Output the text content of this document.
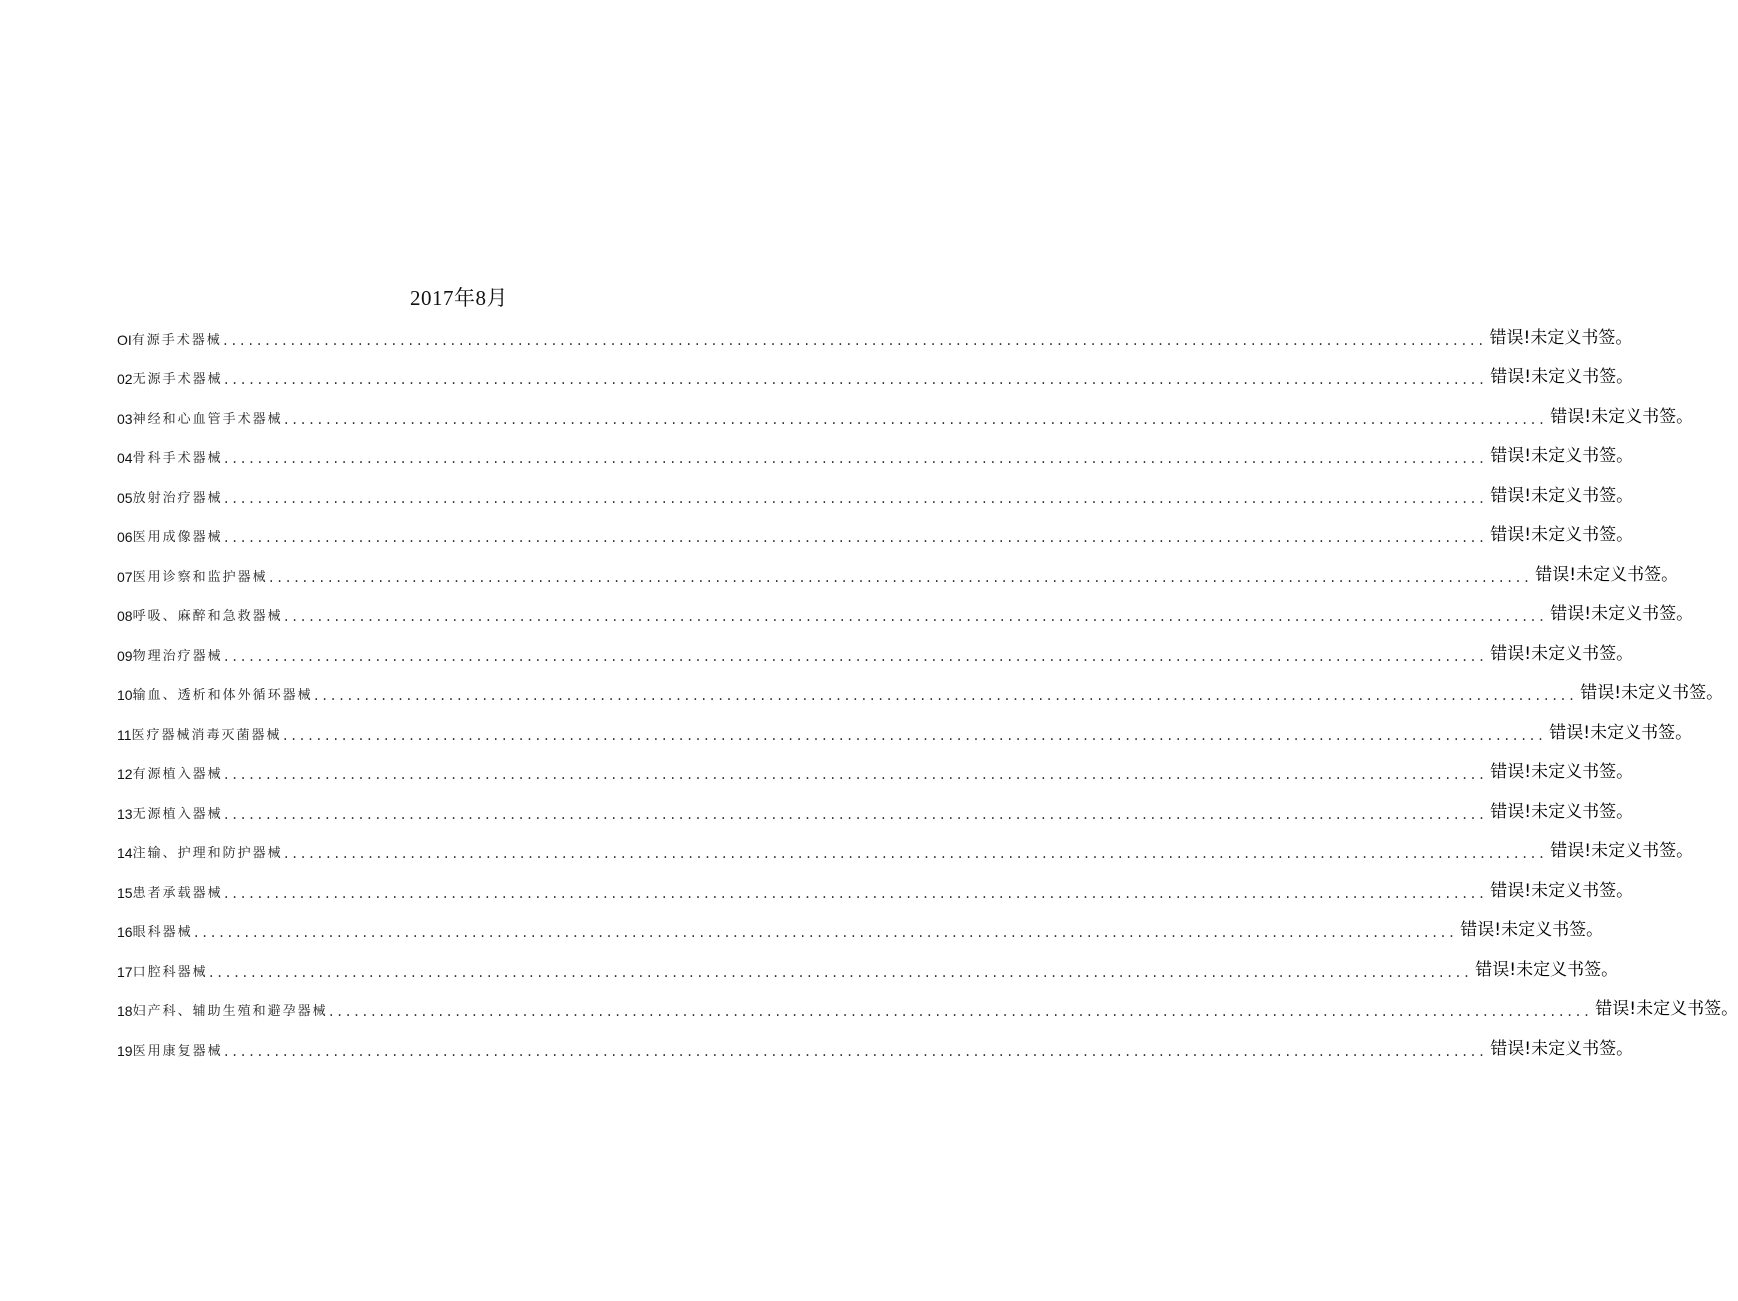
2017年8月
OI 有源手术器械 ...................................................................................................................................................... 错误!未定义书签。
02 无源手术器械 ...................................................................................................................................................... 错误!未定义书签。
03 神经和心血管手术器械 ...................................................................................................................................................... 错误!未定义书签。
04 骨科手术器械 ...................................................................................................................................................... 错误!未定义书签。
05 放射治疗器械 ...................................................................................................................................................... 错误!未定义书签。
06 医用成像器械 ...................................................................................................................................................... 错误!未定义书签。
07 医用诊察和监护器械 ...................................................................................................................................................... 错误!未定义书签。
08 呼吸、麻醉和急救器械 ...................................................................................................................................................... 错误!未定义书签。
09 物理治疗器械 ...................................................................................................................................................... 错误!未定义书签。
10 输血、透析和体外循环器械 ...................................................................................................................................................... 错误!未定义书签。
11 医疗器械消毒灭菌器械 ...................................................................................................................................................... 错误!未定义书签。
12 有源植入器械 ...................................................................................................................................................... 错误!未定义书签。
13 无源植入器械 ...................................................................................................................................................... 错误!未定义书签。
14 注输、护理和防护器械 ...................................................................................................................................................... 错误!未定义书签。
15 患者承载器械 ...................................................................................................................................................... 错误!未定义书签。
16 眼科器械 ...................................................................................................................................................... 错误!未定义书签。
17 口腔科器械 ...................................................................................................................................................... 错误!未定义书签。
18 妇产科、辅助生殖和避孕器械 ...................................................................................................................................................... 错误!未定义书签。
19 医用康复器械 ...................................................................................................................................................... 错误!未定义书签。
